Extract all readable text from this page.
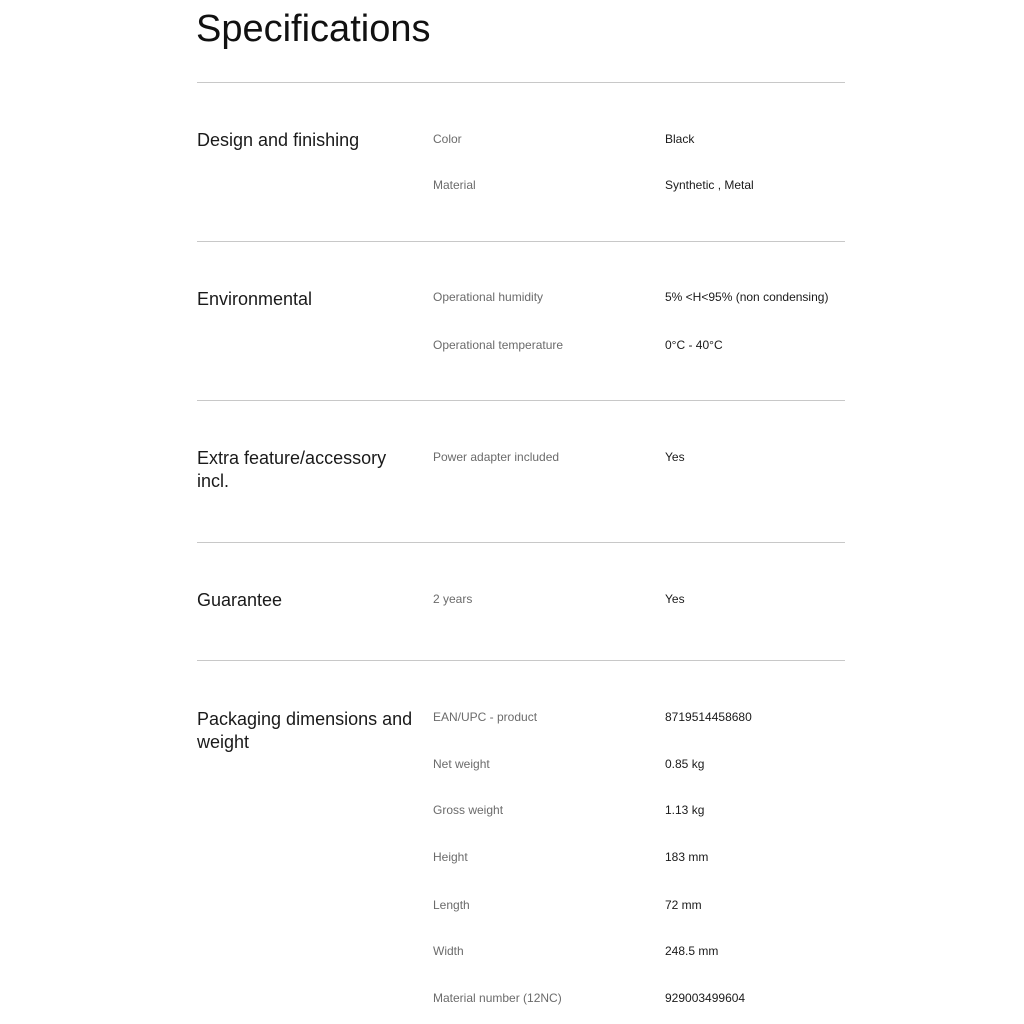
Specifications
Design and finishing	Color	Black
Material	Synthetic , Metal
Environmental	Operational humidity	5% <H<95% (non condensing)
Operational temperature	0°C - 40°C
Extra feature/accessory incl.
Power adapter included	Yes
Guarantee	2 years	Yes
Packaging dimensions and weight
EAN/UPC - product	8719514458680
Net weight	0.85 kg
Gross weight	1.13 kg
Height	183 mm
Length	72 mm
Width	248.5 mm
Material number (12NC)	929003499604
